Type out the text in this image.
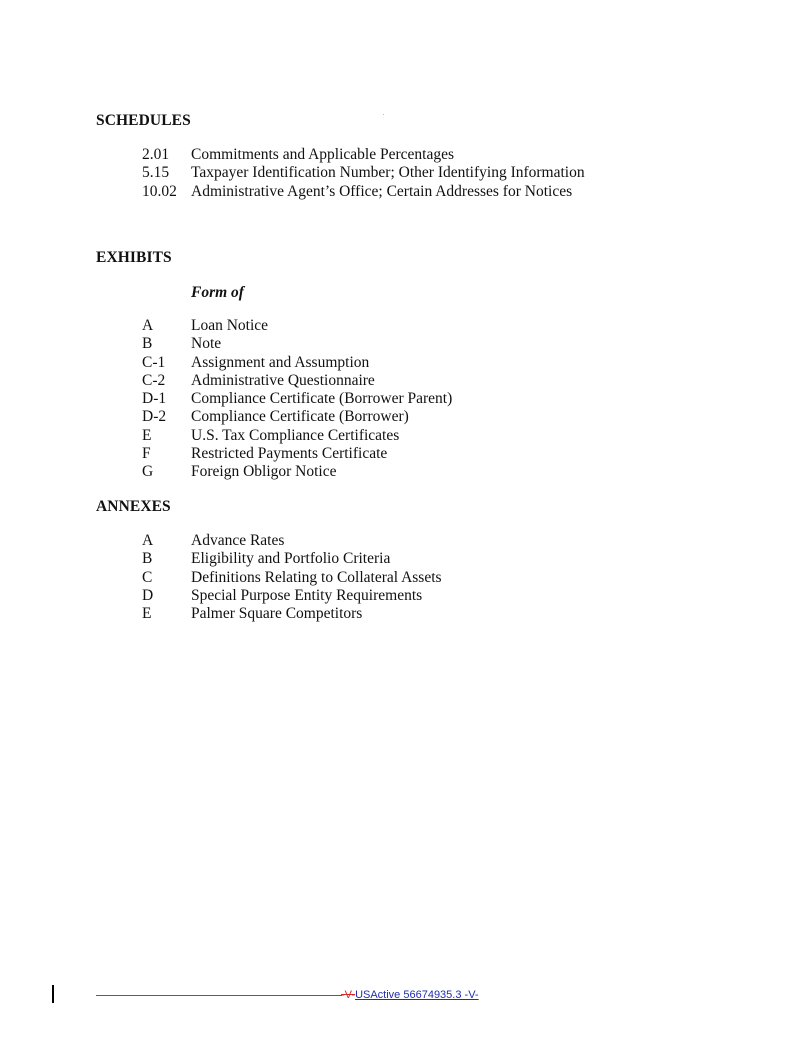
SCHEDULES
2.01 Commitments and Applicable Percentages
5.15 Taxpayer Identification Number; Other Identifying Information
10.02 Administrative Agent’s Office; Certain Addresses for Notices
EXHIBITS
Form of
A Loan Notice
B Note
C-1 Assignment and Assumption
C-2 Administrative Questionnaire
D-1 Compliance Certificate (Borrower Parent)
D-2 Compliance Certificate (Borrower)
E	U.S. Tax Compliance Certificates
F	Restricted Payments Certificate
G Foreign Obligor Notice
ANNEXES
A Advance Rates
B Eligibility and Portfolio Criteria
C Definitions Relating to Collateral Assets
D Special Purpose Entity Requirements
E	Palmer Square Competitors
-V-USActive 56674935.3 -V-
